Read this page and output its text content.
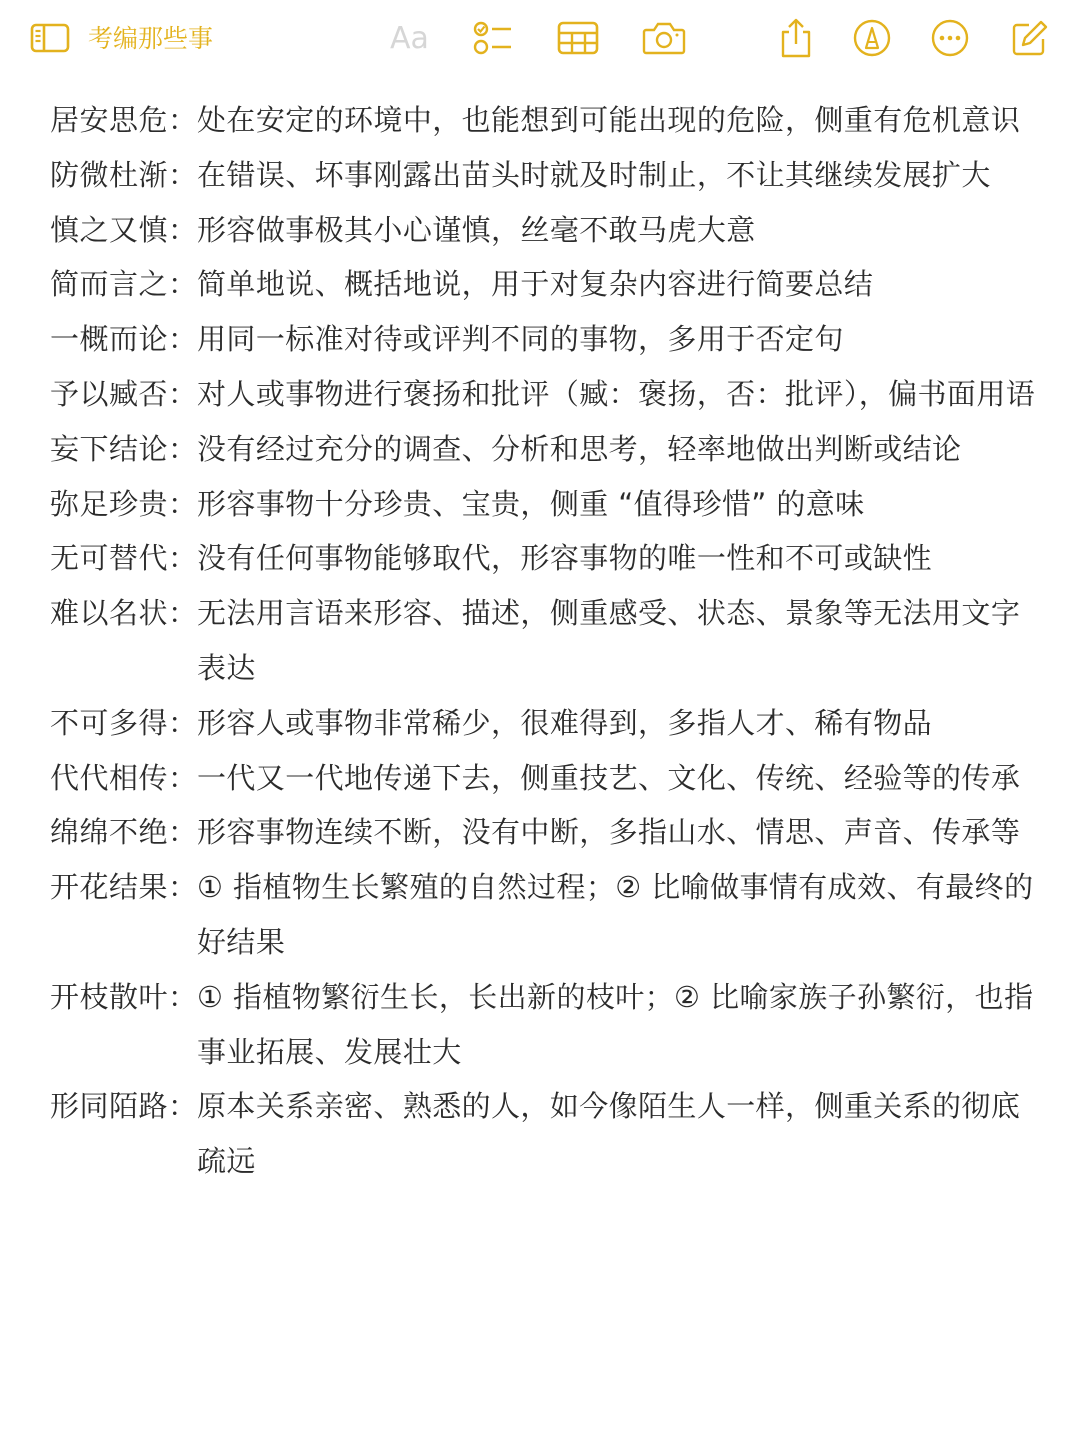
考编那些事	Aa
居安思危 ： 处在安定的环境中，也能想到可能出现的危险，侧重有危机意识
防微杜渐 ： 在错误、坏事刚露出苗头时就及时制止，不让其继续发展扩大
慎之又慎 ： 形容做事极其小心谨慎，丝毫不敢马虎大意
简而言之 ： 简单地说、概括地说，用于对复杂内容进行简要总结
一概而论 ： 用同一标准对待或评判不同的事物，多用于否定句
予以臧否 ： 对人或事物进行褒扬和批评（臧：褒扬，否：批评），偏书面用语
妄下结论 ： 没有经过充分的调查、分析和思考，轻率地做出判断或结论
弥足珍贵 ： 形容事物十分珍贵、宝贵，侧重 “值得珍惜” 的意味
无可替代 ： 没有任何事物能够取代，形容事物的唯一性和不可或缺性
难以名状 ： 无法用言语来形容、描述，侧重感受、状态、景象等无法用文字表达
不可多得 ： 形容人或事物非常稀少，很难得到，多指人才、稀有物品
代代相传 ： 一代又一代地传递下去，侧重技艺、文化、传统、经验等的传承
绵绵不绝 ： 形容事物连续不断，没有中断，多指山水、情思、声音、传承等
开花结果 ： ① 指植物生长繁殖的自然过程；② 比喻做事情有成效、有最终的好结果
开枝散叶 ： ① 指植物繁衍生长，长出新的枝叶；② 比喻家族子孙繁衍，也指事业拓展、发展壮大
形同陌路 ： 原本关系亲密、熟悉的人，如今像陌生人一样，侧重关系的彻底疏远
